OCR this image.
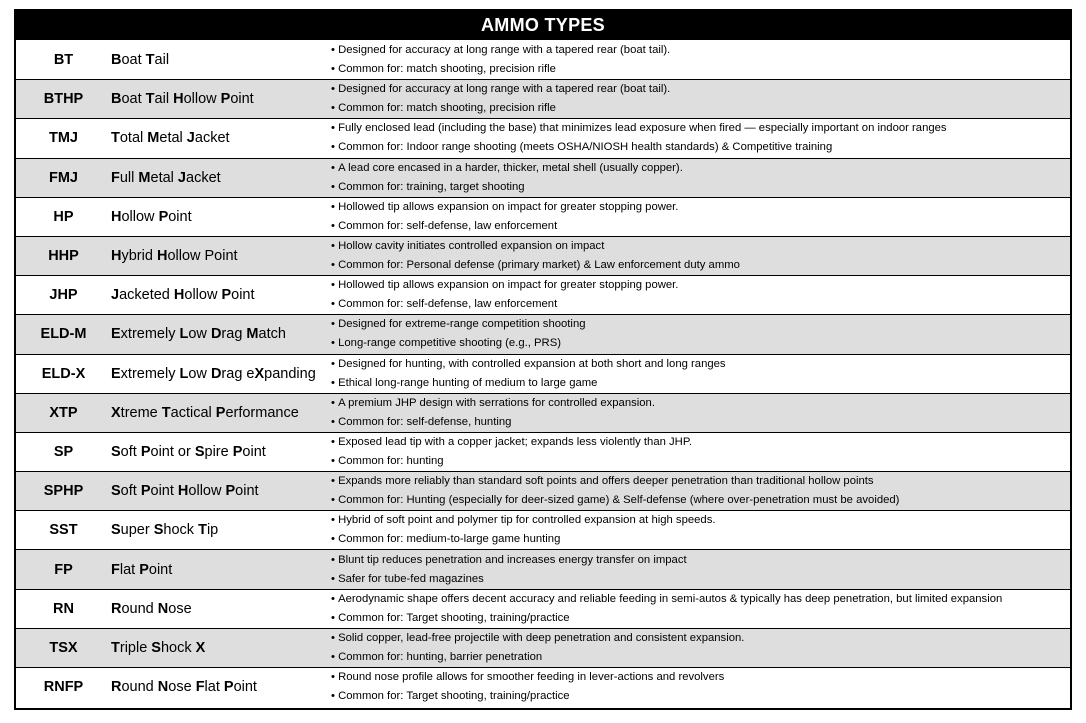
AMMO TYPES
BT	B oat T ail
• Designed for accuracy at long range with a tapered rear (boat tail).
• Common for: match shooting, precision rifle
BTHP	B oat T ail H ollow P oint
• Designed for accuracy at long range with a tapered rear (boat tail).
• Common for: match shooting, precision rifle
TMJ	T otal M etal J acket
• Fully enclosed lead (including the base) that minimizes lead exposure when fired — especially important on indoor ranges
• Common for: Indoor range shooting (meets OSHA/NIOSH health standards) & Competitive training
FMJ	F ull M etal J acket
• A lead core encased in a harder, thicker, metal shell (usually copper).
• Common for: training, target shooting
HP	H ollow P oint
• Hollowed tip allows expansion on impact for greater stopping power.
• Common for: self-defense, law enforcement
HHP	H ybrid H ollow Point
• Hollow cavity initiates controlled expansion on impact
• Common for: Personal defense (primary market) & Law enforcement duty ammo
JHP	J acketed H ollow P oint
• Hollowed tip allows expansion on impact for greater stopping power.
• Common for: self-defense, law enforcement
ELD-M	E xtremely L ow D rag M atch
• Designed for extreme-range competition shooting
• Long-range competitive shooting (e.g., PRS)
ELD-X	E xtremely L ow D rag e X panding
• Designed for hunting, with controlled expansion at both short and long ranges
• Ethical long-range hunting of medium to large game
XTP	X treme T actical P erformance
• A premium JHP design with serrations for controlled expansion.
• Common for: self-defense, hunting
SP	S oft P oint or S pire P oint
• Exposed lead tip with a copper jacket; expands less violently than JHP.
• Common for: hunting
SPHP	S oft P oint H ollow P oint
• Expands more reliably than standard soft points and offers deeper penetration than traditional hollow points
• Common for: Hunting (especially for deer-sized game) & Self-defense (where over-penetration must be avoided)
SST	S uper S hock T ip
• Hybrid of soft point and polymer tip for controlled expansion at high speeds.
• Common for: medium-to-large game hunting
FP	F lat P oint
• Blunt tip reduces penetration and increases energy transfer on impact
• Safer for tube-fed magazines
RN	R ound N ose
• Aerodynamic shape offers decent accuracy and reliable feeding in semi-autos & typically has deep penetration, but limited expansion
• Common for: Target shooting, training/practice
TSX	T riple S hock X
• Solid copper, lead-free projectile with deep penetration and consistent expansion.
• Common for: hunting, barrier penetration
RNFP	R ound N ose F lat P oint
• Round nose profile allows for smoother feeding in lever-actions and revolvers
• Common for: Target shooting, training/practice
